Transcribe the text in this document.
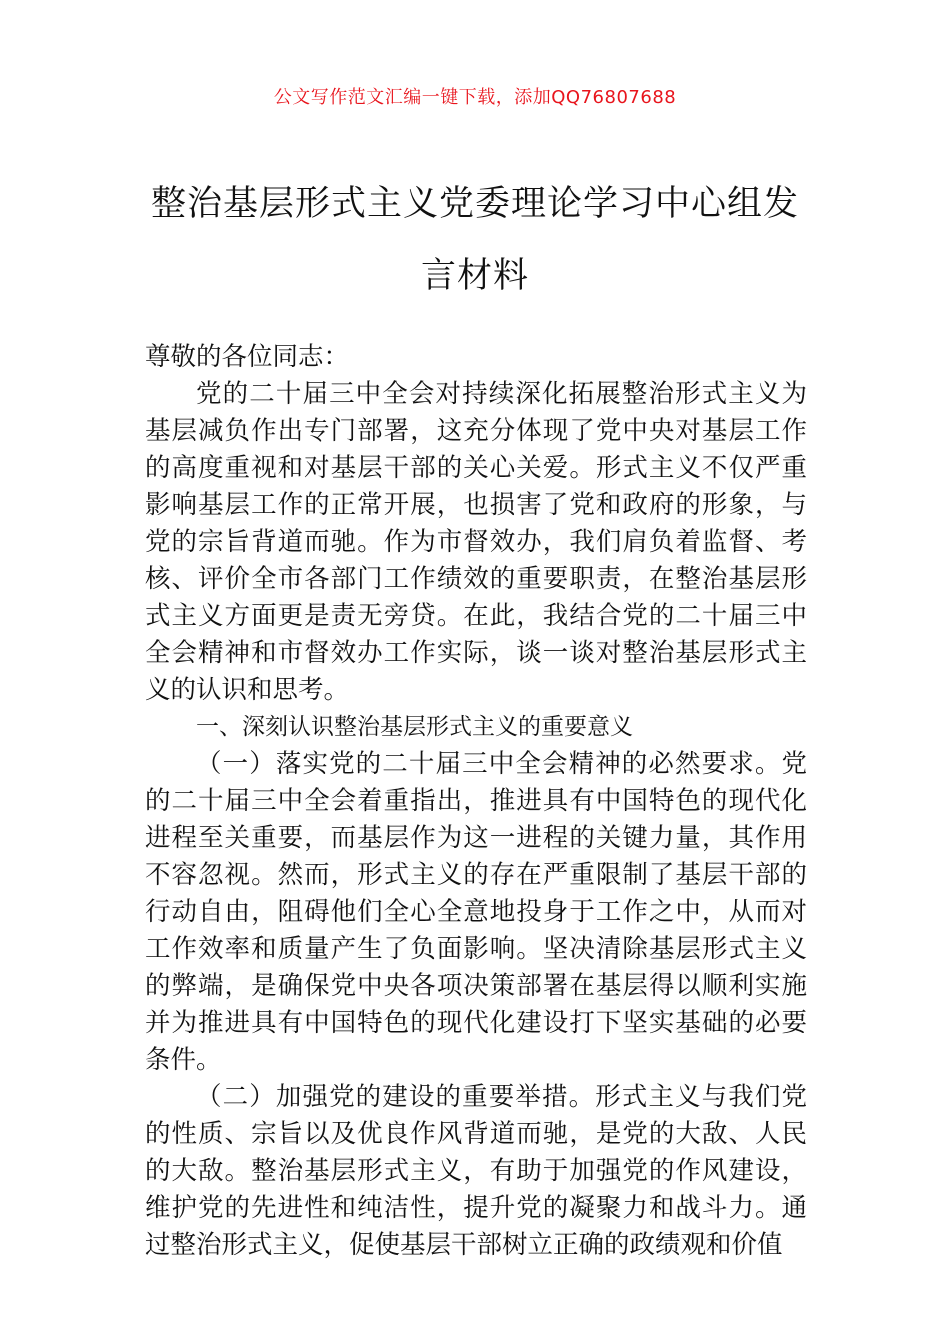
公文写作范文汇编一键下载，添加QQ76807688
整治基层形式主义党委理论学习中心组发
言材料

尊敬的各位同志：

党的二十届三中全会对持续深化拓展整治形式主义为基层减负作出专门部署，这充分体现了党中央对基层工作的高度重视和对基层干部的关心关爱。形式主义不仅严重影响基层工作的正常开展，也损害了党和政府的形象，与党的宗旨背道而驰。作为市督效办，我们肩负着监督、考核、评价全市各部门工作绩效的重要职责，在整治基层形式主义方面更是责无旁贷。在此，我结合党的二十届三中全会精神和市督效办工作实际，谈一谈对整治基层形式主义的认识和思考。

一、深刻认识整治基层形式主义的重要意义

（一）落实党的二十届三中全会精神的必然要求。党的二十届三中全会着重指出，推进具有中国特色的现代化进程至关重要，而基层作为这一进程的关键力量，其作用不容忽视。然而，形式主义的存在严重限制了基层干部的行动自由，阻碍他们全心全意地投身于工作之中，从而对工作效率和质量产生了负面影响。坚决清除基层形式主义的弊端，是确保党中央各项决策部署在基层得以顺利实施并为推进具有中国特色的现代化建设打下坚实基础的必要条件。

（二）加强党的建设的重要举措。形式主义与我们党的性质、宗旨以及优良作风背道而驰，是党的大敌、人民的大敌。整治基层形式主义，有助于加强党的作风建设，维护党的先进性和纯洁性，提升党的凝聚力和战斗力。通过整治形式主义，促使基层干部树立正确的政绩观和价值
